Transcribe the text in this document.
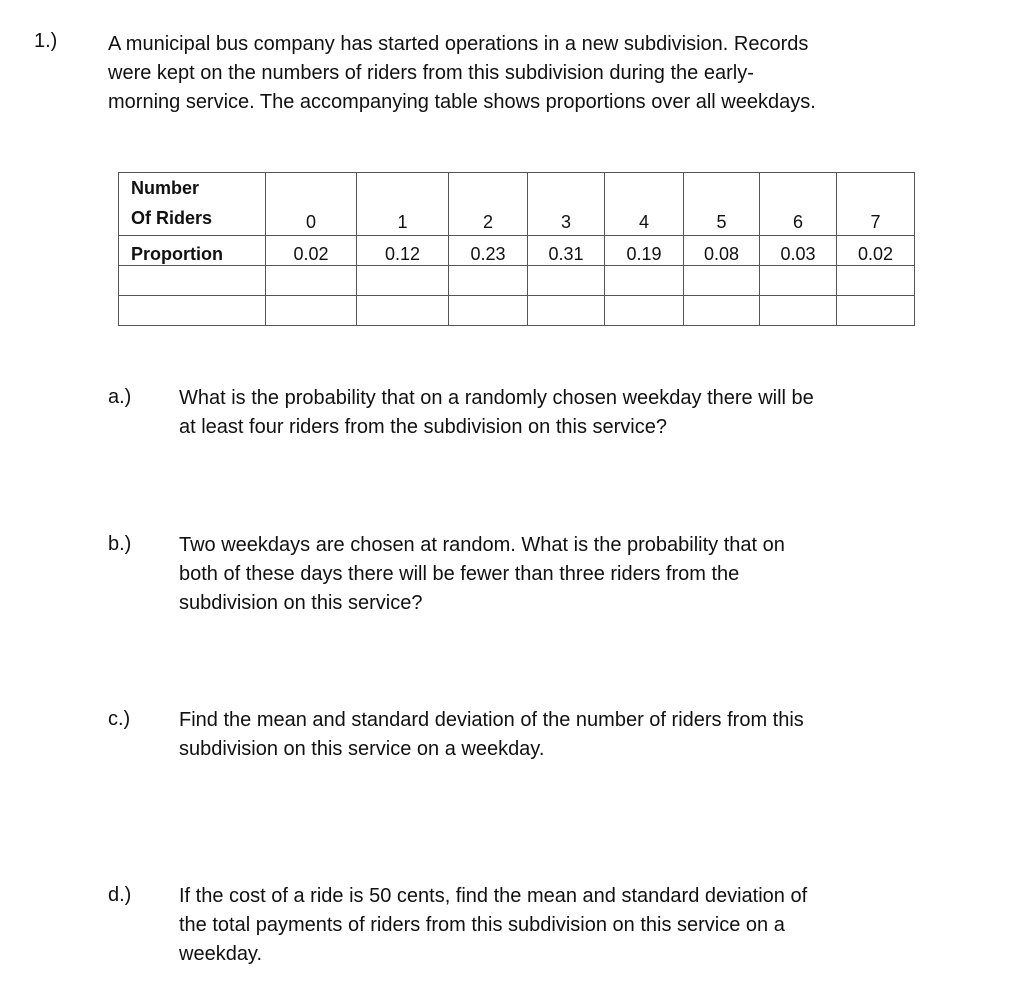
1.)	A municipal bus company has started operations in a new subdivision. Records
were kept on the numbers of riders from this subdivision during the early-
morning service. The accompanying table shows proportions over all weekdays.
Number
Of Riders	0	1	2	3	4	5	6	7
Proportion	0.02	0.12	0.23	0.31	0.19	0.08	0.03	0.02

a.) What is the probability that on a randomly chosen weekday there will be
at least four riders from the subdivision on this service?
b.) Two weekdays are chosen at random. What is the probability that on
both of these days there will be fewer than three riders from the
subdivision on this service?
c.) Find the mean and standard deviation of the number of riders from this
subdivision on this service on a weekday.
d.) If the cost of a ride is 50 cents, find the mean and standard deviation of
the total payments of riders from this subdivision on this service on a
weekday.
